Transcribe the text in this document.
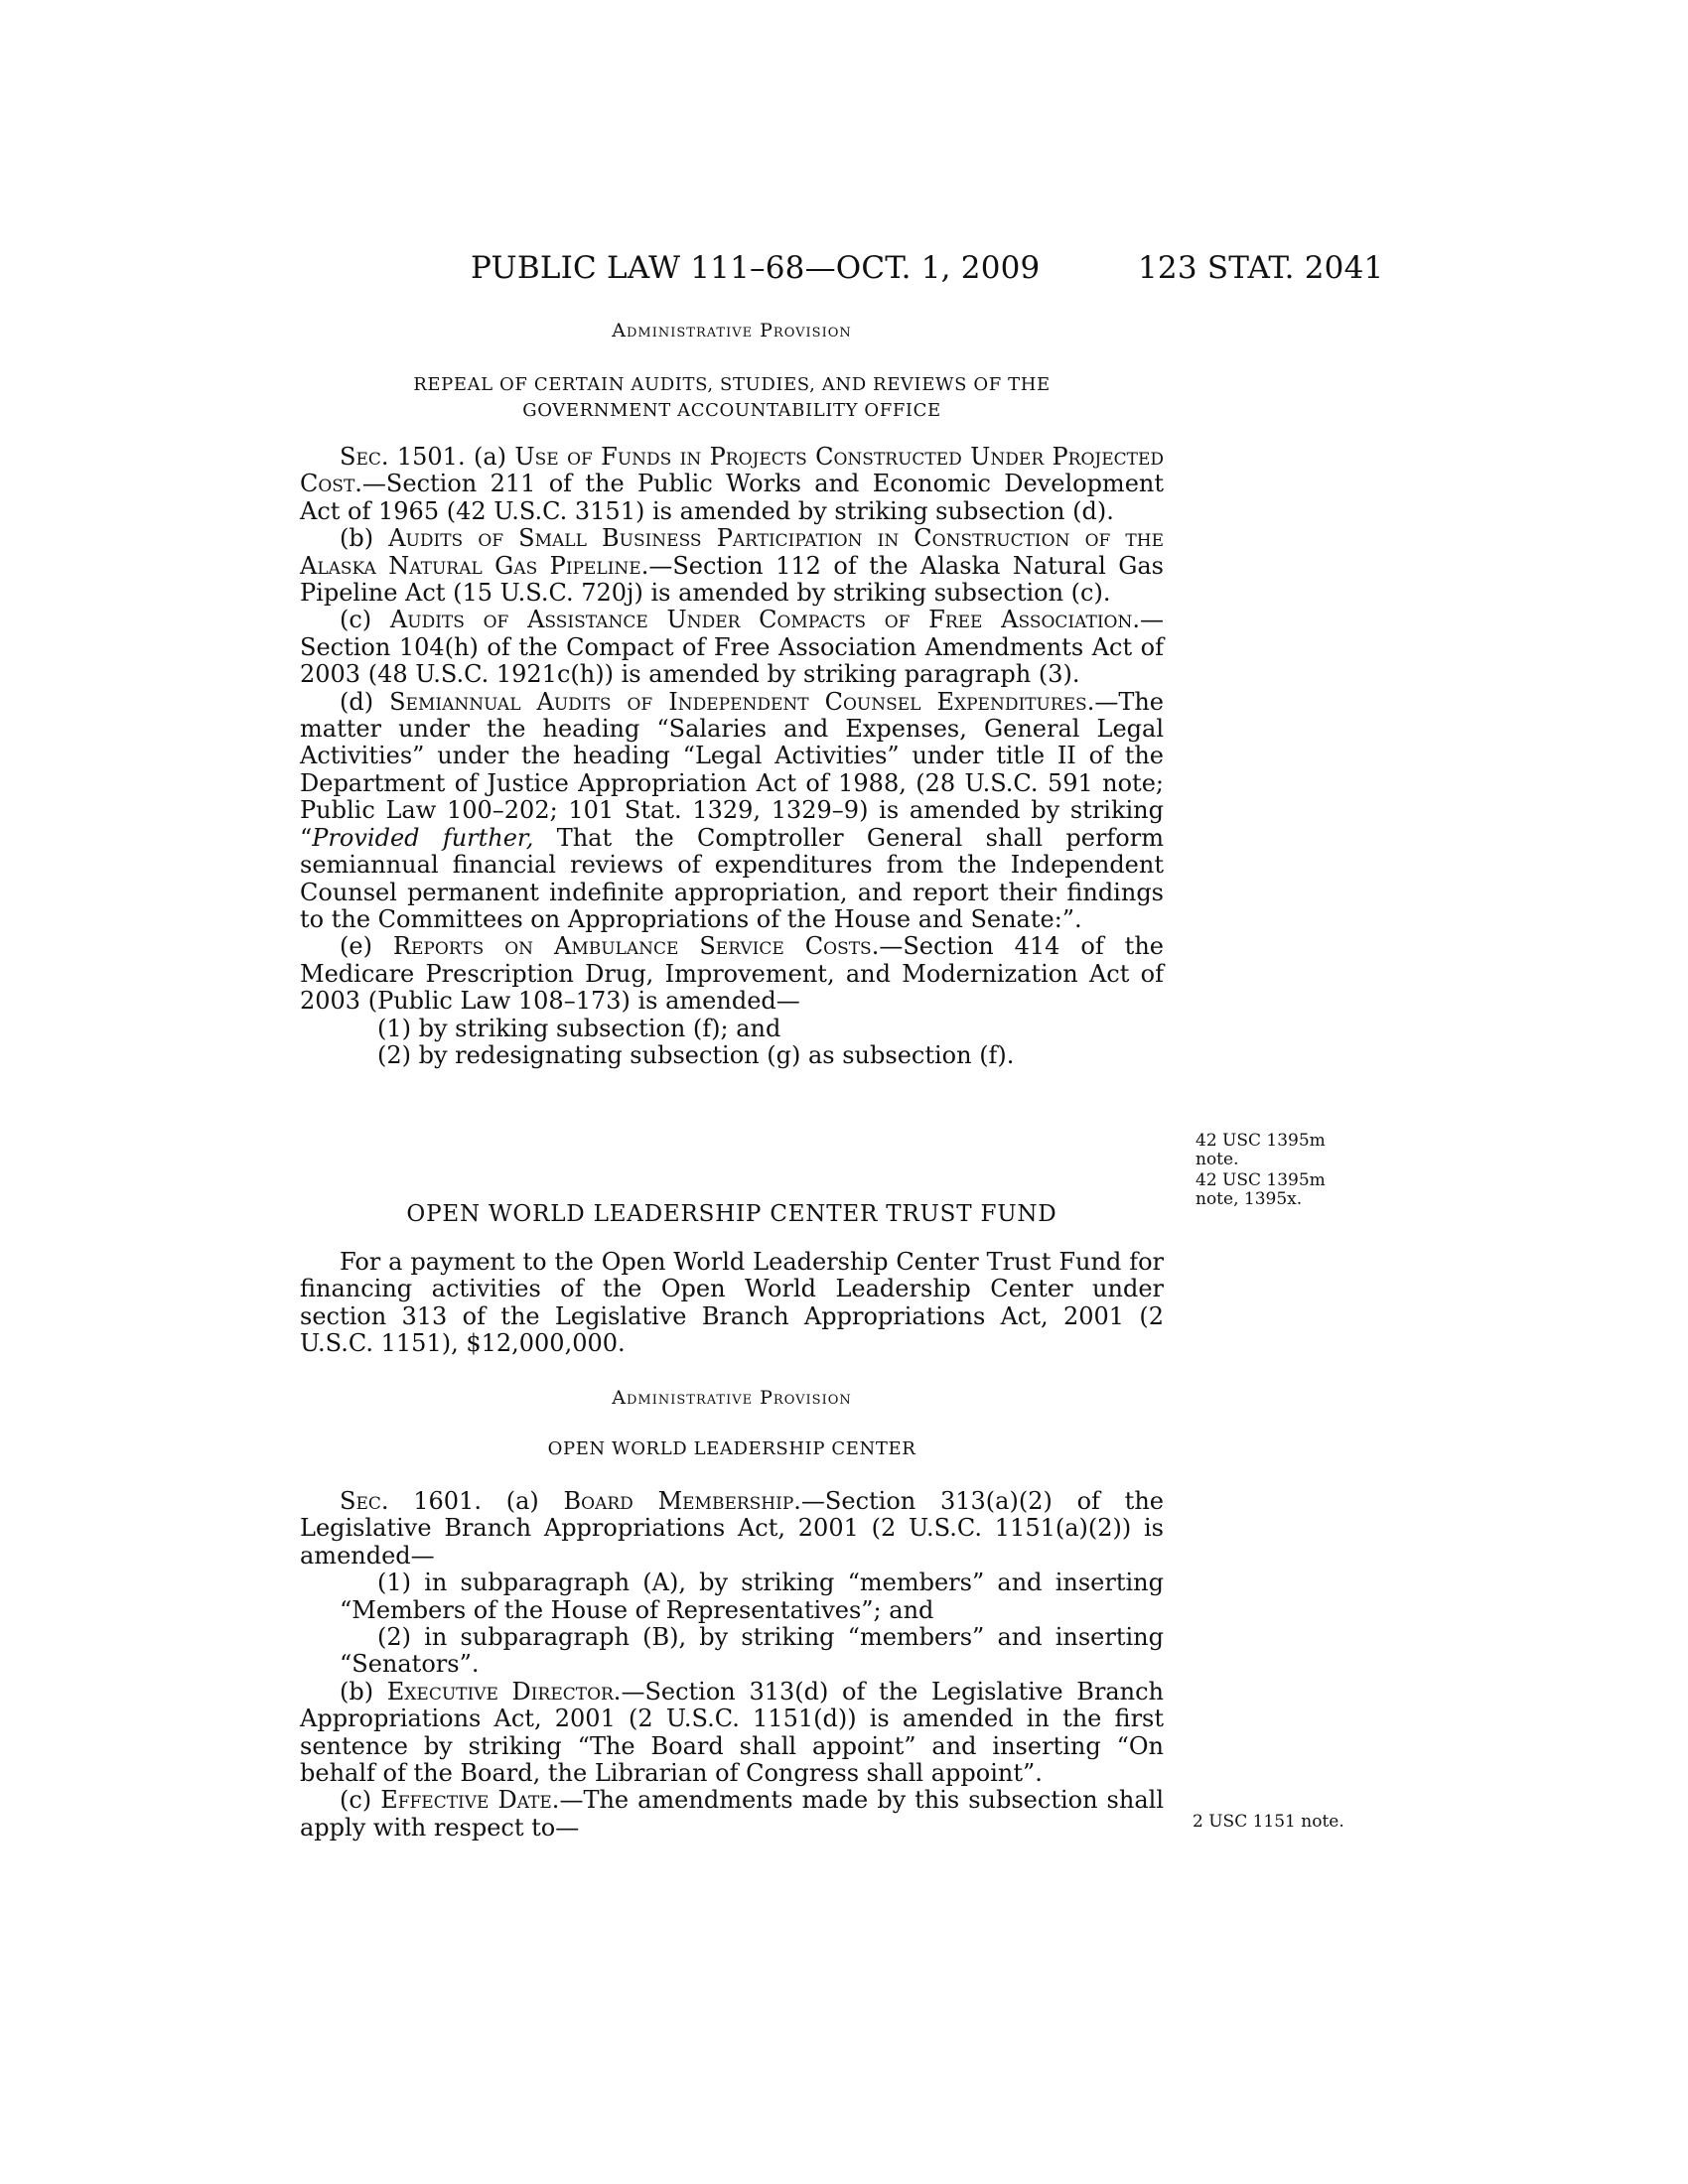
PUBLIC LAW 111–68—OCT. 1, 2009	123 STAT. 2041
Administrative Provision
REPEAL OF CERTAIN AUDITS, STUDIES, AND REVIEWS OF THE
GOVERNMENT ACCOUNTABILITY OFFICE

Sec. 1501. (a) Use of Funds in Projects Constructed Under Projected Cost.—Section 211 of the Public Works and Economic Development Act of 1965 (42 U.S.C. 3151) is amended by striking subsection (d).

(b) Audits of Small Business Participation in Construction of the Alaska Natural Gas Pipeline.—Section 112 of the Alaska Natural Gas Pipeline Act (15 U.S.C. 720j) is amended by striking subsection (c).

(c) Audits of Assistance Under Compacts of Free Association.—Section 104(h) of the Compact of Free Association Amendments Act of 2003 (48 U.S.C. 1921c(h)) is amended by striking paragraph (3).

(d) Semiannual Audits of Independent Counsel Expenditures.—The matter under the heading “Salaries and Expenses, General Legal Activities” under the heading “Legal Activities” under title II of the Department of Justice Appropriation Act of 1988, (28 U.S.C. 591 note; Public Law 100–202; 101 Stat. 1329, 1329–9) is amended by striking “Provided further, That the Comptroller General shall perform semiannual financial reviews of expenditures from the Independent Counsel permanent indefinite appropriation, and report their findings to the Committees on Appropriations of the House and Senate:”.

(e) Reports on Ambulance Service Costs.—Section 414 of the Medicare Prescription Drug, Improvement, and Modernization Act of 2003 (Public Law 108–173) is amended—

(1) by striking subsection (f); and

(2) by redesignating subsection (g) as subsection (f).

42 USC 1395m
note.
42 USC 1395m
note, 1395x.
2 USC 1151 note.
OPEN WORLD LEADERSHIP CENTER TRUST FUND

For a payment to the Open World Leadership Center Trust Fund for financing activities of the Open World Leadership Center under section 313 of the Legislative Branch Appropriations Act, 2001 (2 U.S.C. 1151), $12,000,000.

Administrative Provision
OPEN WORLD LEADERSHIP CENTER

Sec. 1601. (a) Board Membership.—Section 313(a)(2) of the Legislative Branch Appropriations Act, 2001 (2 U.S.C. 1151(a)(2)) is amended—

(1) in subparagraph (A), by striking “members” and inserting “Members of the House of Representatives”; and

(2) in subparagraph (B), by striking “members” and inserting “Senators”.

(b) Executive Director.—Section 313(d) of the Legislative Branch Appropriations Act, 2001 (2 U.S.C. 1151(d)) is amended in the first sentence by striking “The Board shall appoint” and inserting “On behalf of the Board, the Librarian of Congress shall appoint”.

(c) Effective Date.—The amendments made by this subsection shall apply with respect to—
